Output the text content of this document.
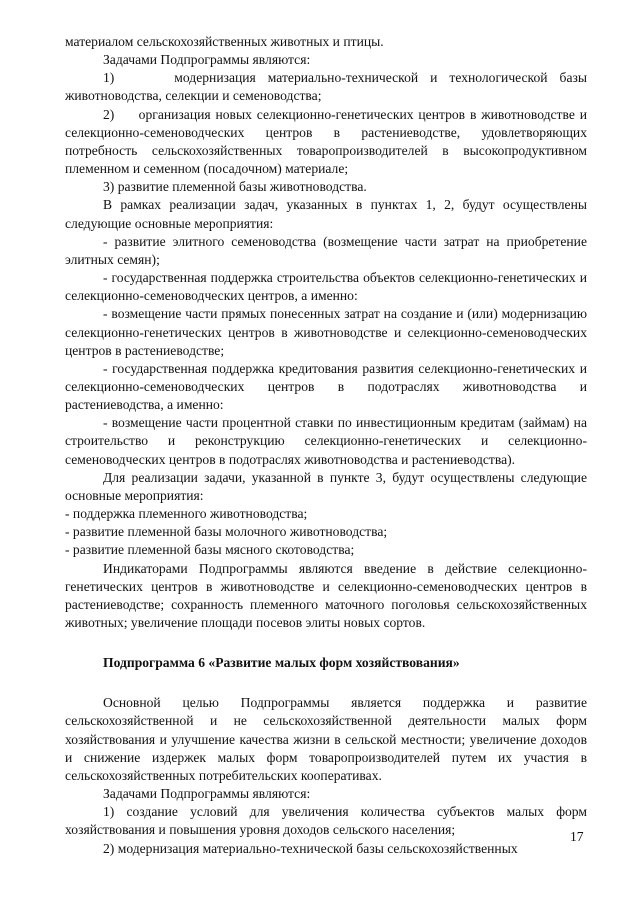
материалом сельскохозяйственных животных и птицы.

Задачами Подпрограммы являются:

1)     модернизация материально-технической и технологической базы животноводства, селекции и семеноводства;

2)     организация новых селекционно-генетических центров в животноводстве и селекционно-семеноводческих центров в растениеводстве, удовлетворяющих потребность сельскохозяйственных товаропроизводителей в высокопродуктивном племенном и семенном (посадочном) материале;

3) развитие племенной базы животноводства.

В рамках реализации задач, указанных в пунктах 1, 2, будут осуществлены следующие основные мероприятия:

- развитие элитного семеноводства (возмещение части затрат на приобретение элитных семян);

- государственная поддержка строительства объектов селекционно-генетических и селекционно-семеноводческих центров, а именно:

- возмещение части прямых понесенных затрат на создание и (или) модернизацию селекционно-генетических центров в животноводстве и селекционно-семеноводческих центров в растениеводстве;

- государственная поддержка кредитования развития селекционно-генетических и селекционно-семеноводческих центров в подотраслях животноводства и растениеводства, а именно:

- возмещение части процентной ставки по инвестиционным кредитам (займам) на строительство и реконструкцию селекционно-генетических и селекционно-семеноводческих центров в подотраслях животноводства и растениеводства).

Для реализации задачи, указанной в пункте 3, будут осуществлены следующие основные мероприятия:

- поддержка племенного животноводства;

- развитие племенной базы молочного животноводства;

- развитие племенной базы мясного скотоводства;

Индикаторами Подпрограммы являются введение в действие селекционно-генетических центров в животноводстве и селекционно-семеноводческих центров в растениеводстве; сохранность племенного маточного поголовья сельскохозяйственных животных; увеличение площади посевов элиты новых сортов.

Подпрограмма 6 «Развитие малых форм хозяйствования»

Основной целью Подпрограммы является поддержка и развитие сельскохозяйственной и не сельскохозяйственной деятельности малых форм хозяйствования и улучшение качества жизни в сельской местности; увеличение доходов и снижение издержек малых форм товаропроизводителей путем их участия в сельскохозяйственных потребительских кооперативах.

Задачами Подпрограммы являются:

1) создание условий для увеличения количества субъектов малых форм хозяйствования и повышения уровня доходов сельского населения;

2) модернизация материально-технической базы сельскохозяйственных

17
